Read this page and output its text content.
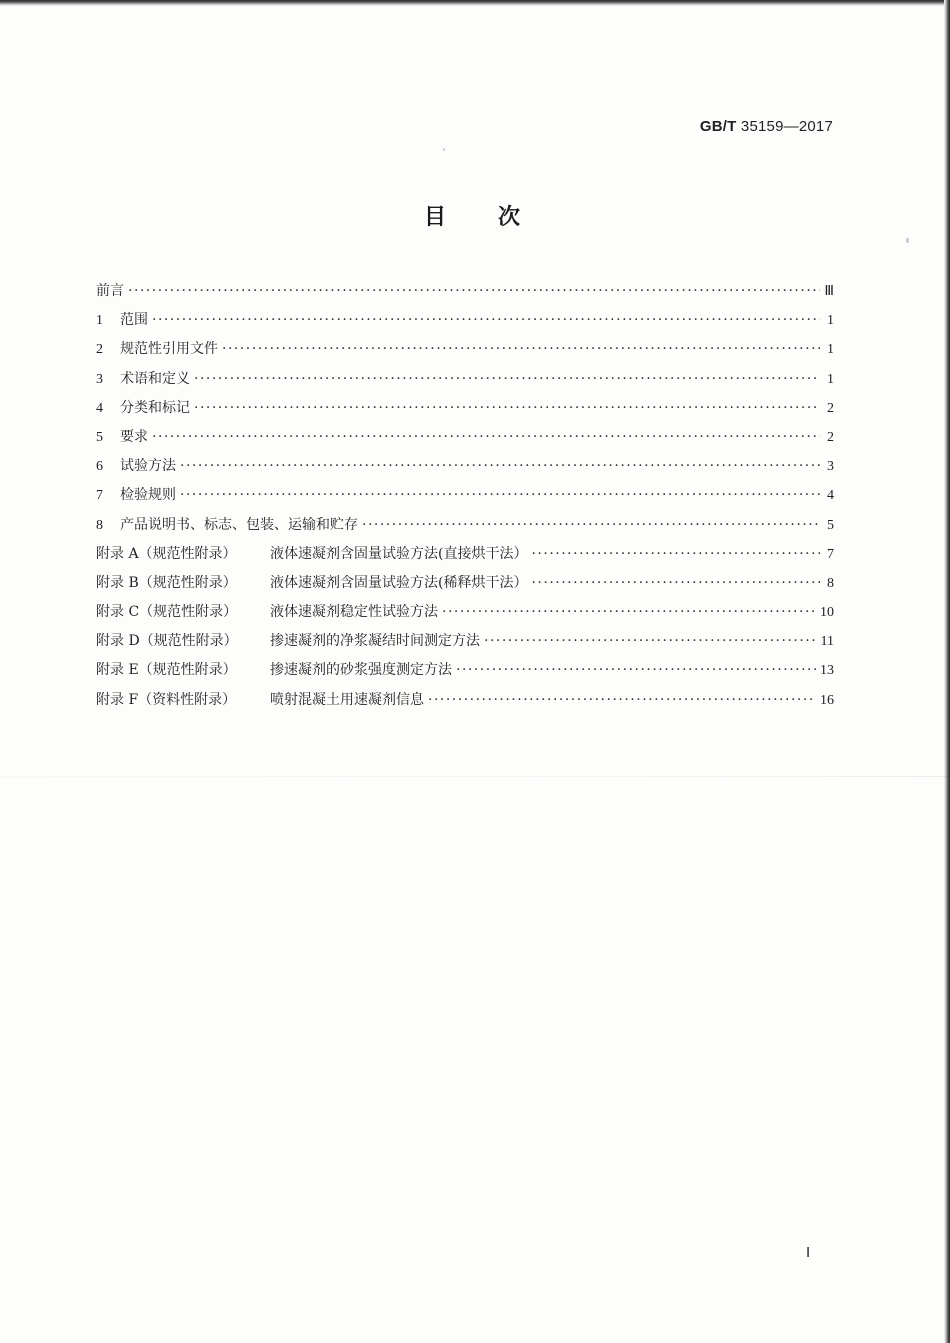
GB/T 35159—2017
目次
前言 ·····	Ⅲ
1	范围 ·····	1
2	规范性引用文件 ·····	1
3	术语和定义 ·····	1
4	分类和标记 ·····	2
5	要求 ·····	2
6	试验方法 ·····	3
7	检验规则 ·····	4
8	产品说明书、标志、包装、运输和贮存 ·····	5
附录 A（规范性附录） 液体速凝剂含固量试验方法(直接烘干法） ·····	7
附录 B（规范性附录） 液体速凝剂含固量试验方法(稀释烘干法） ·····	8
附录 C（规范性附录） 液体速凝剂稳定性试验方法 ·····	10
附录 D（规范性附录） 掺速凝剂的净浆凝结时间测定方法 ·····	11
附录 E（规范性附录） 掺速凝剂的砂浆强度测定方法 ·····	13
附录 F（资料性附录） 喷射混凝土用速凝剂信息 ·····	16
Ⅰ
